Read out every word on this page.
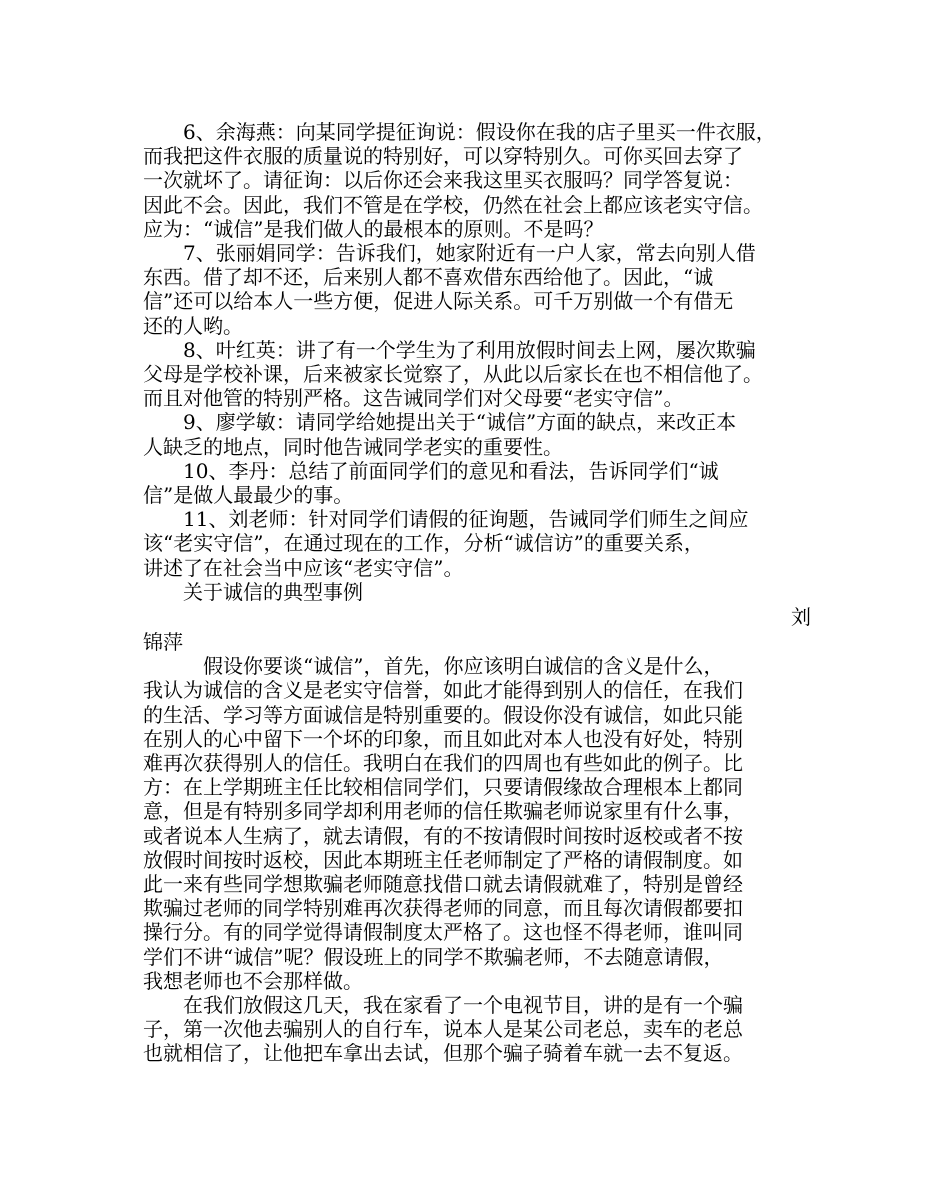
　　6、余海燕：向某同学提征询说：假设你在我的店子里买一件衣服，

而我把这件衣服的质量说的特别好，可以穿特别久。可你买回去穿了

一次就坏了。请征询：以后你还会来我这里买衣服吗？同学答复说：

因此不会。因此，我们不管是在学校，仍然在社会上都应该老实守信。

应为：“诚信”是我们做人的最根本的原则。不是吗？

　　7、张丽娟同学：告诉我们，她家附近有一户人家，常去向别人借

东西。借了却不还，后来别人都不喜欢借东西给他了。因此，“诚

信”还可以给本人一些方便，促进人际关系。可千万别做一个有借无

还的人哟。

　　8、叶红英：讲了有一个学生为了利用放假时间去上网，屡次欺骗

父母是学校补课，后来被家长觉察了，从此以后家长在也不相信他了。

而且对他管的特别严格。这告诫同学们对父母要“老实守信”。

　　9、廖学敏：请同学给她提出关于“诚信”方面的缺点，来改正本

人缺乏的地点，同时他告诫同学老实的重要性。

　　10、李丹：总结了前面同学们的意见和看法，告诉同学们“诚

信”是做人最最少的事。

　　11、刘老师：针对同学们请假的征询题，告诫同学们师生之间应

该“老实守信”，在通过现在的工作，分析“诚信访”的重要关系，

讲述了在社会当中应该“老实守信”。

　　关于诚信的典型事例

刘

锦萍

　　　假设你要谈“诚信”，首先，你应该明白诚信的含义是什么，

我认为诚信的含义是老实守信誉，如此才能得到别人的信任，在我们

的生活、学习等方面诚信是特别重要的。假设你没有诚信，如此只能

在别人的心中留下一个坏的印象，而且如此对本人也没有好处，特别

难再次获得别人的信任。我明白在我们的四周也有些如此的例子。比

方：在上学期班主任比较相信同学们，只要请假缘故合理根本上都同

意，但是有特别多同学却利用老师的信任欺骗老师说家里有什么事，

或者说本人生病了，就去请假，有的不按请假时间按时返校或者不按

放假时间按时返校，因此本期班主任老师制定了严格的请假制度。如

此一来有些同学想欺骗老师随意找借口就去请假就难了，特别是曾经

欺骗过老师的同学特别难再次获得老师的同意，而且每次请假都要扣

操行分。有的同学觉得请假制度太严格了。这也怪不得老师，谁叫同

学们不讲“诚信”呢？假设班上的同学不欺骗老师，不去随意请假，

我想老师也不会那样做。

　　在我们放假这几天，我在家看了一个电视节目，讲的是有一个骗

子，第一次他去骗别人的自行车，说本人是某公司老总，卖车的老总

也就相信了，让他把车拿出去试，但那个骗子骑着车就一去不复返。
